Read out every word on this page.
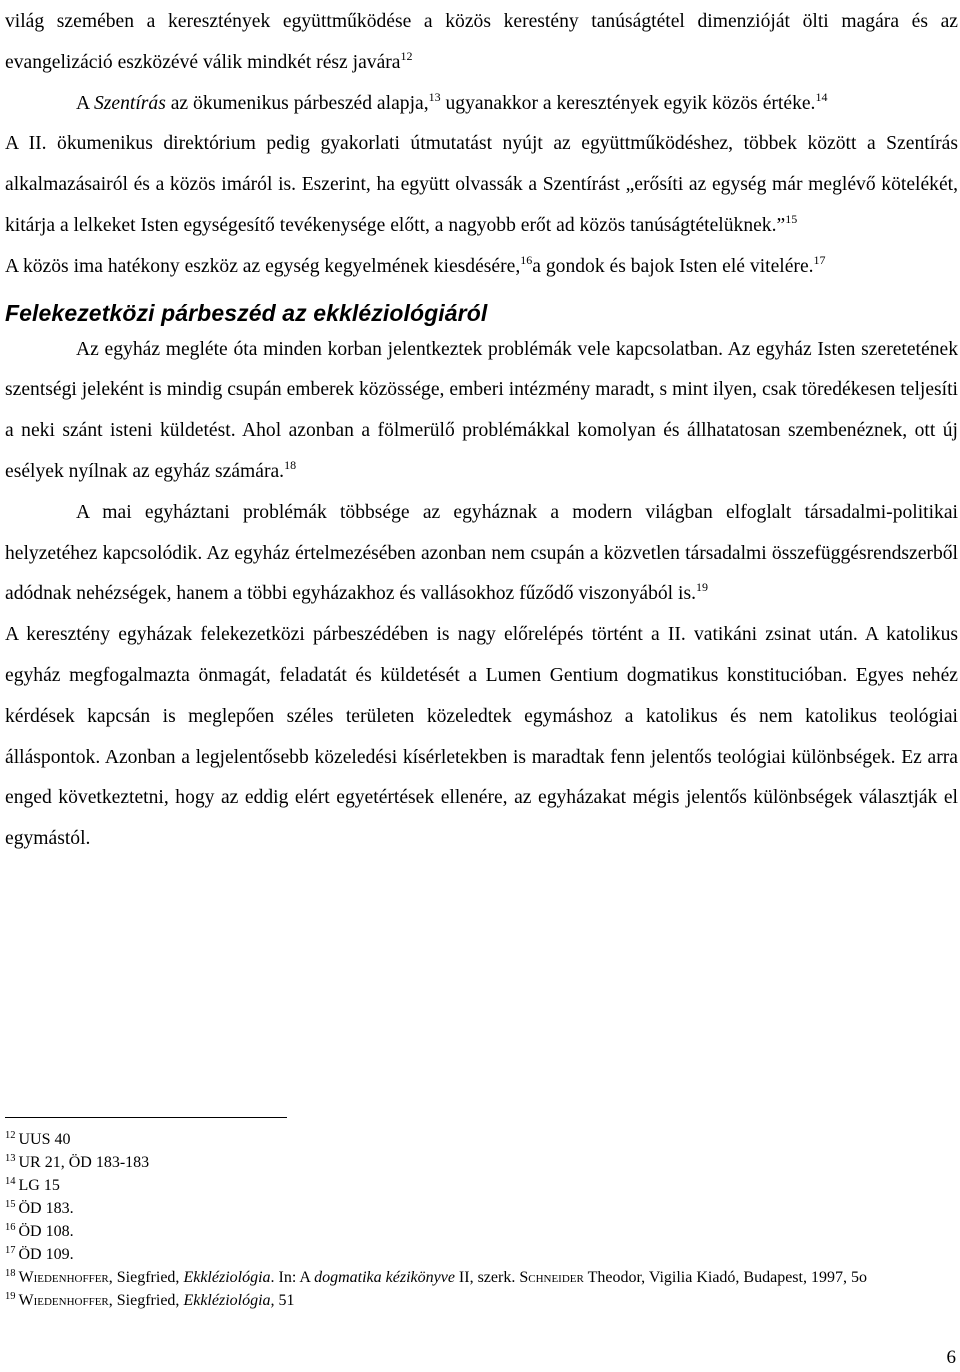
világ szemében a keresztények együttműködése a közös kerestény tanúságtétel dimenzióját ölti magára és az evangelizáció eszközévé válik mindkét rész javára$^{12}$

A Szentírás az ökumenikus párbeszéd alapja,$^{13}$ ugyanakkor a keresztények egyik közös értéke.$^{14}$

A II. ökumenikus direktórium pedig gyakorlati útmutatást nyújt az együttműködéshez, többek között a Szentírás alkalmazásairól és a közös imáról is. Eszerint, ha együtt olvassák a Szentírást „erősíti az egység már meglévő kötelékét, kitárja a lelkeket Isten egységesítő tevékenysége előtt, a nagyobb erőt ad közös tanúságtételüknek.”$^{15}$

A közös ima hatékony eszköz az egység kegyelmének kiesdésére,$^{16}$a gondok és bajok Isten elé vitelére.$^{17}$

Felekezetközi párbeszéd az ekkléziológiáról

Az egyház megléte óta minden korban jelentkeztek problémák vele kapcsolatban. Az egyház Isten szeretetének szentségi jeleként is mindig csupán emberek közössége, emberi intézmény maradt, s mint ilyen, csak töredékesen teljesíti a neki szánt isteni küldetést. Ahol azonban a fölmerülő problémákkal komolyan és állhatatosan szembenéznek, ott új esélyek nyílnak az egyház számára.$^{18}$

A mai egyháztani problémák többsége az egyháznak a modern világban elfoglalt társadalmi-politikai helyzetéhez kapcsolódik. Az egyház értelmezésében azonban nem csupán a közvetlen társadalmi összefüggésrendszerből adódnak nehézségek, hanem a többi egyházakhoz és vallásokhoz fűződő viszonyából is.$^{19}$

A keresztény egyházak felekezetközi párbeszédében is nagy előrelépés történt a II. vatikáni zsinat után. A katolikus egyház megfogalmazta önmagát, feladatát és küldetését a Lumen Gentium dogmatikus konstitucióban. Egyes nehéz kérdések kapcsán is meglepően széles területen közeledtek egymáshoz a katolikus és nem katolikus teológiai álláspontok. Azonban a legjelentősebb közeledési kísérletekben is maradtak fenn jelentős teológiai különbségek. Ez arra enged következtetni, hogy az eddig elért egyetértések ellenére, az egyházakat mégis jelentős különbségek választják el egymástól.

$^{12}$ UUS 40

$^{13}$ UR 21, ÖD 183-183

$^{14}$ LG 15

$^{15}$ ÖD 183.

$^{16}$ ÖD 108.

$^{17}$ ÖD 109.

$^{18}$ Wiedenhoffer, Siegfried, Ekkléziológia. In: A dogmatika kézikönyve II, szerk. Schneider Theodor, Vigilia Kiadó, Budapest, 1997, 5o

$^{19}$ Wiedenhoffer, Siegfried, Ekkléziológia, 51

6
